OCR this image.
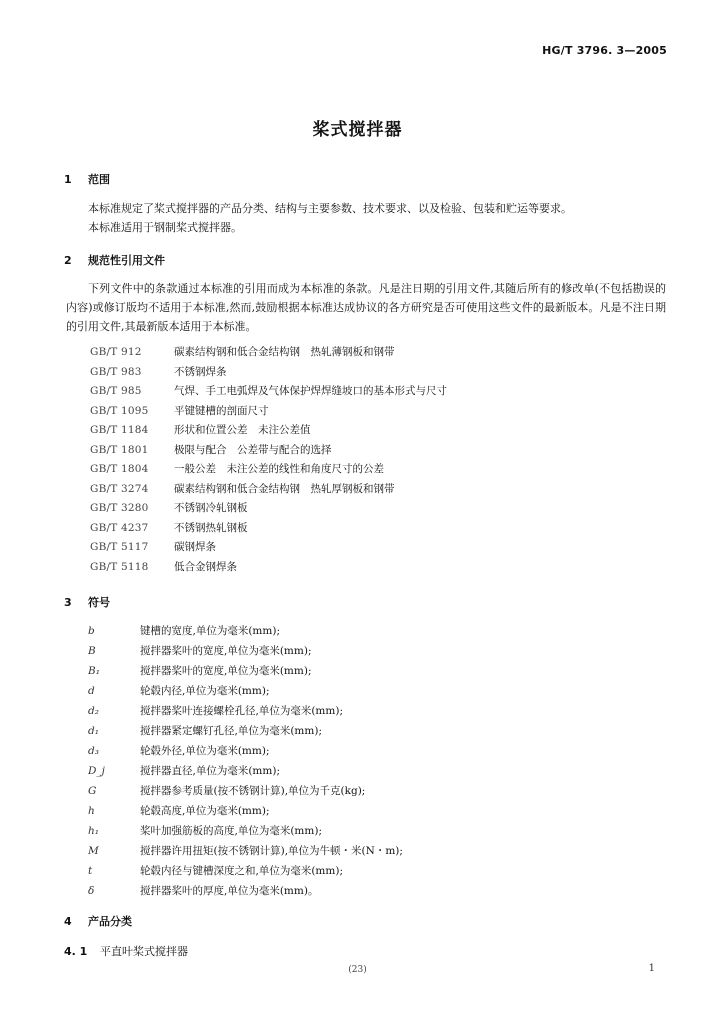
HG/T 3796. 3—2005
桨式搅拌器
1 范围
本标准规定了桨式搅拌器的产品分类、结构与主要参数、技术要求、以及检验、包装和贮运等要求。
本标准适用于钢制桨式搅拌器。
2 规范性引用文件
下列文件中的条款通过本标准的引用而成为本标准的条款。凡是注日期的引用文件,其随后所有的修改单(不包括勘误的内容)或修订版均不适用于本标准,然而,鼓励根据本标准达成协议的各方研究是否可使用这些文件的最新版本。凡是不注日期的引用文件,其最新版本适用于本标准。
GB/T 912	碳素结构钢和低合金结构钢　热轧薄钢板和钢带
GB/T 983	不锈钢焊条
GB/T 985	气焊、手工电弧焊及气体保护焊焊缝坡口的基本形式与尺寸
GB/T 1095 平键键槽的剖面尺寸
GB/T 1184 形状和位置公差　未注公差值
GB/T 1801 极限与配合　公差带与配合的选择
GB/T 1804 一般公差　未注公差的线性和角度尺寸的公差
GB/T 3274 碳素结构钢和低合金结构钢　热轧厚钢板和钢带
GB/T 3280 不锈钢冷轧钢板
GB/T 4237 不锈钢热轧钢板
GB/T 5117 碳钢焊条
GB/T 5118 低合金钢焊条
3 符号
b	键槽的宽度,单位为毫米(mm);
B	搅拌器桨叶的宽度,单位为毫米(mm);
B₁	搅拌器桨叶的宽度,单位为毫米(mm);
d	轮毂内径,单位为毫米(mm);
d₂	搅拌器桨叶连接螺栓孔径,单位为毫米(mm);
d₁	搅拌器紧定螺钉孔径,单位为毫米(mm);
d₃	轮毂外径,单位为毫米(mm);
D_j	搅拌器直径,单位为毫米(mm);
G	搅拌器参考质量(按不锈钢计算),单位为千克(kg);
h	轮毂高度,单位为毫米(mm);
h₁	桨叶加强筋板的高度,单位为毫米(mm);
M	搅拌器许用扭矩(按不锈钢计算),单位为牛顿・米(N・m);
t	轮毂内径与键槽深度之和,单位为毫米(mm);
δ	搅拌器桨叶的厚度,单位为毫米(mm)。
4 产品分类
4. 1 平直叶桨式搅拌器
(23)	1
